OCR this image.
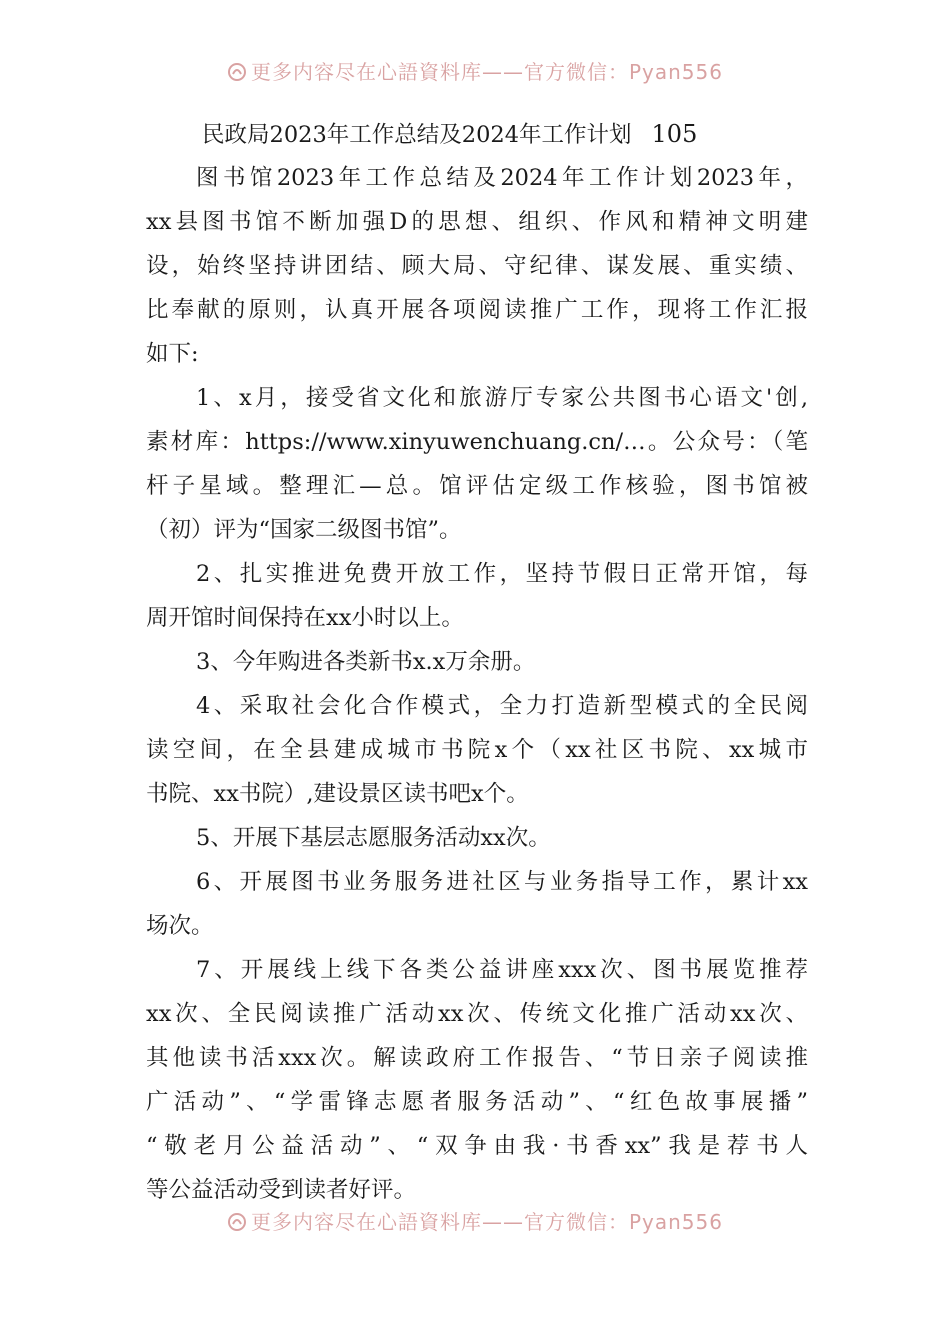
更多内容尽在心語資料库——官方微信：Pyan556

民政局2023年工作总结及2024年工作计划 105

图书馆2023年工作总结及2024年工作计划2023年，

xx县图书馆不断加强D的思想、组织、作风和精神文明建

设，始终坚持讲团结、顾大局、守纪律、谋发展、重实绩、

比奉献的原则，认真开展各项阅读推广工作，现将工作汇报

如下:

1、x月，接受省文化和旅游厅专家公共图书心语文'创,

素材库：https://www.xinyuwenchuang.cn/…。公众号：（笔

杆子星域。整理汇—总。馆评估定级工作核验，图书馆被

（初）评为“国家二级图书馆”。

2、扎实推进免费开放工作，坚持节假日正常开馆，每

周开馆时间保持在xx小时以上。

3、今年购进各类新书x.x万余册。

4、采取社会化合作模式，全力打造新型模式的全民阅

读空间，在全县建成城市书院x个（xx社区书院、xx城市

书院、xx书院）,建设景区读书吧x个。

5、开展下基层志愿服务活动xx次。

6、开展图书业务服务进社区与业务指导工作，累计xx

场次。

7、开展线上线下各类公益讲座xxx次、图书展览推荐

xx次、全民阅读推广活动xx次、传统文化推广活动xx次、

其他读书活xxx次。解读政府工作报告、“节日亲子阅读推

广活动”、“学雷锋志愿者服务活动”、“红色故事展播”

“敬老月公益活动”、“双争由我·书香xx”我是荐书人

等公益活动受到读者好评。

更多内容尽在心語資料库——官方微信：Pyan556
